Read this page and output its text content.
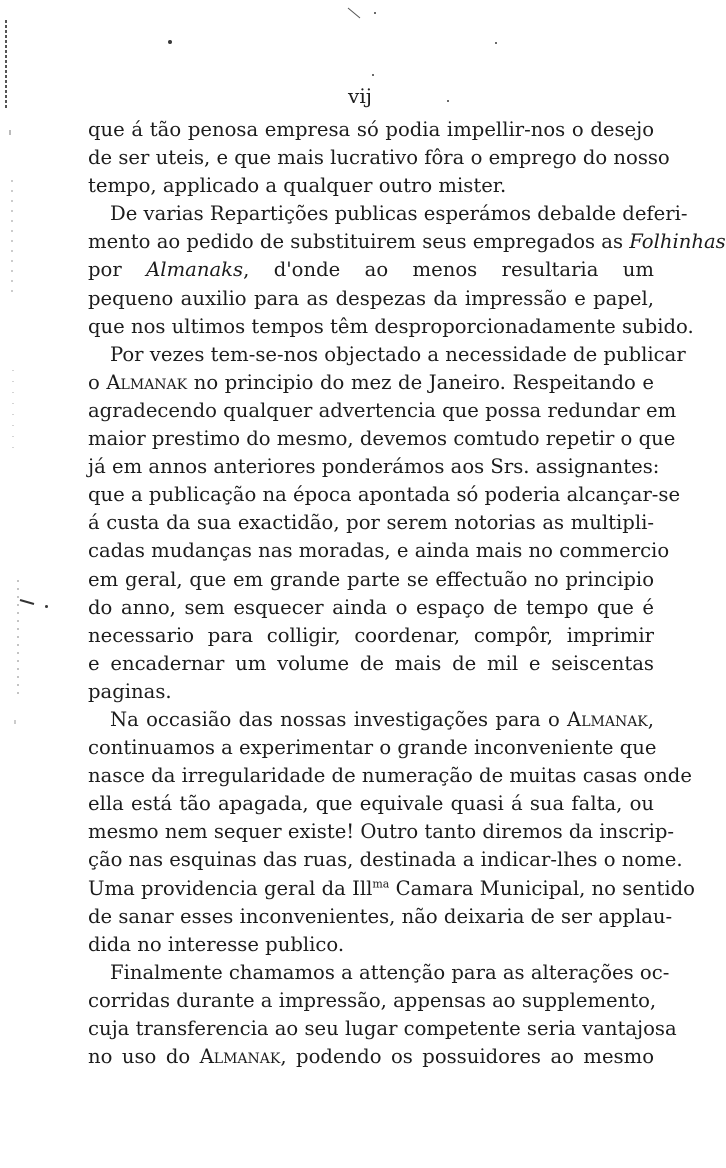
vij
que á tão penosa empresa só podia impellir-nos o desejo
de ser uteis, e que mais lucrativo fôra o emprego do nosso
tempo, applicado a qualquer outro mister.
De varias Repartições publicas esperámos debalde deferi-
mento ao pedido de substituirem seus empregados as Folhinhas
por Almanaks, d'onde ao menos resultaria um
pequeno auxilio para as despezas da impressão e papel,
que nos ultimos tempos têm desproporcionadamente subido.
Por vezes tem-se-nos objectado a necessidade de publicar
o Almanak no principio do mez de Janeiro. Respeitando e
agradecendo qualquer advertencia que possa redundar em
maior prestimo do mesmo, devemos comtudo repetir o que
já em annos anteriores ponderámos aos Srs. assignantes:
que a publicação na época apontada só poderia alcançar-se
á custa da sua exactidão, por serem notorias as multipli-
cadas mudanças nas moradas, e ainda mais no commercio
em geral, que em grande parte se effectuão no principio
do anno, sem esquecer ainda o espaço de tempo que é
necessario para colligir, coordenar, compôr, imprimir
e encadernar um volume de mais de mil e seiscentas
paginas.
Na occasião das nossas investigações para o Almanak,
continuamos a experimentar o grande inconveniente que
nasce da irregularidade de numeração de muitas casas onde
ella está tão apagada, que equivale quasi á sua falta, ou
mesmo nem sequer existe! Outro tanto diremos da inscrip-
ção nas esquinas das ruas, destinada a indicar-lhes o nome.
Uma providencia geral da Ill$^{ma}$ Camara Municipal, no sentido
de sanar esses inconvenientes, não deixaria de ser applau-
dida no interesse publico.
Finalmente chamamos a attenção para as alterações oc-
corridas durante a impressão, appensas ao supplemento,
cuja transferencia ao seu lugar competente seria vantajosa
no uso do Almanak, podendo os possuidores ao mesmo
